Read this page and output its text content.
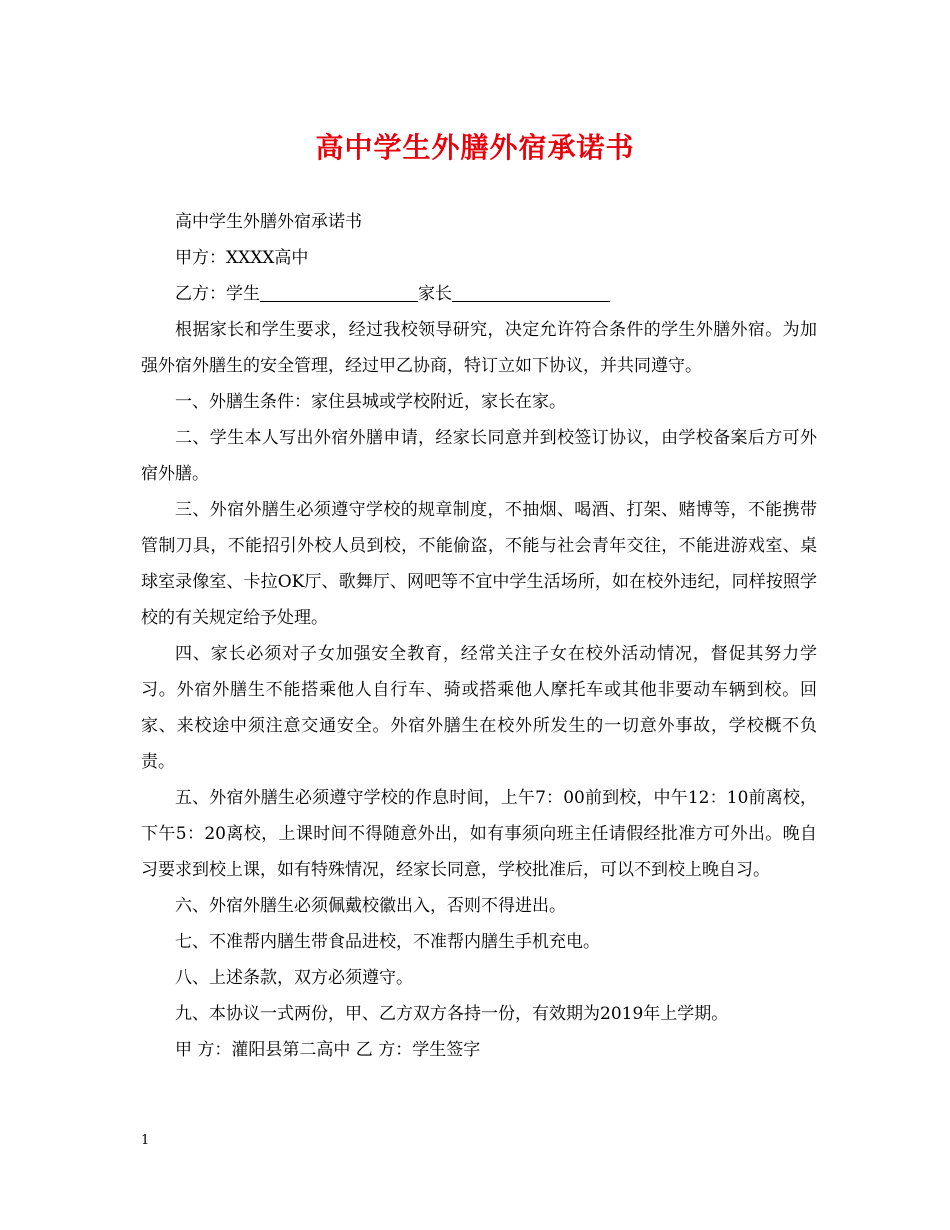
高中学生外膳外宿承诺书

高中学生外膳外宿承诺书

甲方：XXXX高中

乙方：学生	家长

根据家长和学生要求，经过我校领导研究，决定允许符合条件的学生外膳外宿。为加强外宿外膳生的安全管理，经过甲乙协商，特订立如下协议，并共同遵守。

一、外膳生条件：家住县城或学校附近，家长在家。

二、学生本人写出外宿外膳申请，经家长同意并到校签订协议，由学校备案后方可外宿外膳。

三、外宿外膳生必须遵守学校的规章制度，不抽烟、喝酒、打架、赌博等，不能携带管制刀具，不能招引外校人员到校，不能偷盗，不能与社会青年交往，不能进游戏室、桌球室录像室、卡拉OK厅、歌舞厅、网吧等不宜中学生活场所，如在校外违纪，同样按照学校的有关规定给予处理。

四、家长必须对子女加强安全教育，经常关注子女在校外活动情况，督促其努力学习。外宿外膳生不能搭乘他人自行车、骑或搭乘他人摩托车或其他非要动车辆到校。回家、来校途中须注意交通安全。外宿外膳生在校外所发生的一切意外事故，学校概不负责。

五、外宿外膳生必须遵守学校的作息时间，上午7：00前到校，中午12：10前离校，下午5：20离校，上课时间不得随意外出，如有事须向班主任请假经批准方可外出。晚自习要求到校上课，如有特殊情况，经家长同意，学校批准后，可以不到校上晚自习。

六、外宿外膳生必须佩戴校徽出入，否则不得进出。

七、不准帮内膳生带食品进校，不准帮内膳生手机充电。

八、上述条款，双方必须遵守。

九、本协议一式两份，甲、乙方双方各持一份，有效期为2019年上学期。

甲 方：灌阳县第二高中 乙 方：学生签字

1
